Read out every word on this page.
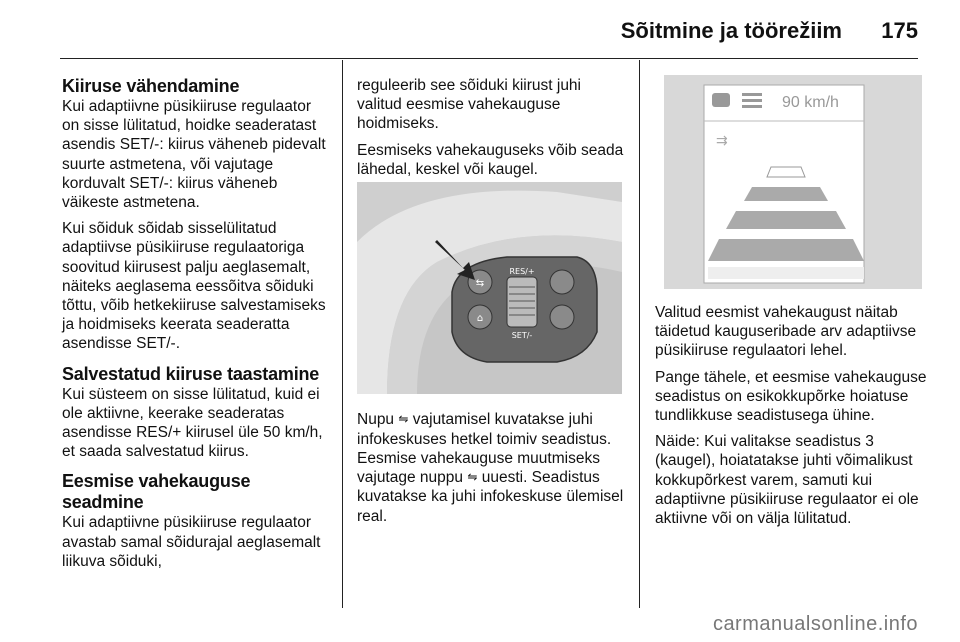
Sõitmine ja töörežiim 175
Kiiruse vähendamine

Kui adaptiivne püsikiiruse regulaator on sisse lülitatud, hoidke seaderatast asendis SET/-: kiirus väheneb pidevalt suurte astmetena, või vajutage korduvalt SET/-: kiirus väheneb väikeste astmetena.

Kui sõiduk sõidab sisselülitatud adaptiivse püsikiiruse regulaatoriga soovitud kiirusest palju aeglasemalt, näiteks aeglasema eessõitva sõiduki tõttu, võib hetkekiiruse salvestamiseks ja hoidmiseks keerata seaderatta asendisse SET/-.

Salvestatud kiiruse taastamine

Kui süsteem on sisse lülitatud, kuid ei ole aktiivne, keerake seaderatas asendisse RES/+ kiirusel üle 50 km/h, et saada salvestatud kiirus.

Eesmise vahekauguse seadmine

Kui adaptiivne püsikiiruse regulaator avastab samal sõidurajal aeglasemalt liikuva sõiduki,

reguleerib see sõiduki kiirust juhi valitud eesmise vahekauguse hoidmiseks.

Eesmiseks vahekauguseks võib seada lähedal, keskel või kaugel.

⇆
⌂
RES/+
SET/-

Nupu ⇋ vajutamisel kuvatakse juhi infokeskuses hetkel toimiv seadistus. Eesmise vahekauguse muutmiseks vajutage nuppu ⇋ uuesti. Seadistus kuvatakse ka juhi infokeskuse ülemisel real.

90 km/h
⇉

Valitud eesmist vahekaugust näitab täidetud kauguseribade arv adaptiivse püsikiiruse regulaatori lehel.

Pange tähele, et eesmise vahekauguse seadistus on esikokkupõrke hoiatuse tundlikkuse seadistusega ühine.

Näide: Kui valitakse seadistus 3 (kaugel), hoiatatakse juhti võimalikust kokkupõrkest varem, samuti kui adaptiivne püsikiiruse regulaator ei ole aktiivne või on välja lülitatud.

carmanualsonline.info
